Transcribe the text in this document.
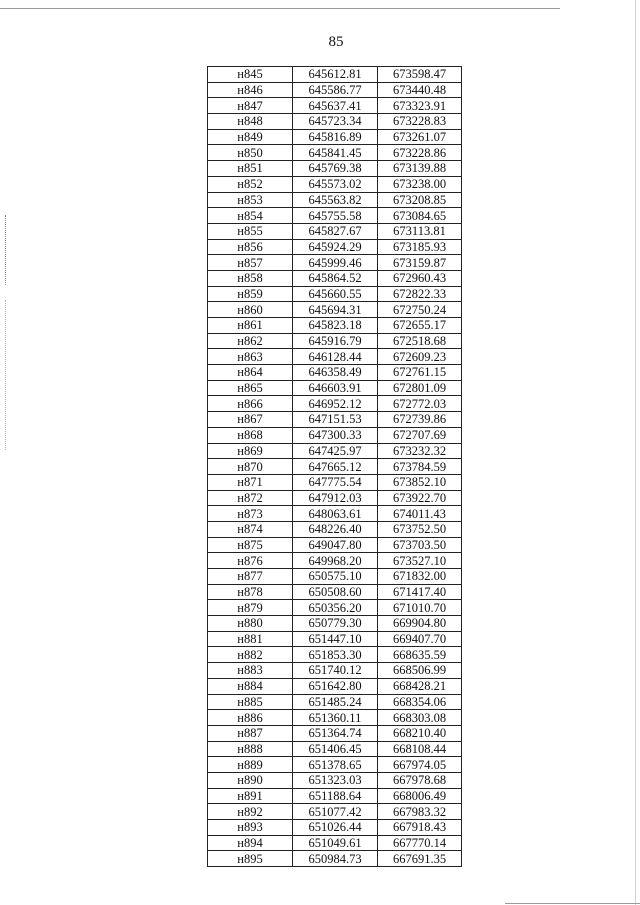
85
н845	645612.81	673598.47
н846	645586.77	673440.48
н847	645637.41	673323.91
н848	645723.34	673228.83
н849	645816.89	673261.07
н850	645841.45	673228.86
н851	645769.38	673139.88
н852	645573.02	673238.00
н853	645563.82	673208.85
н854	645755.58	673084.65
н855	645827.67	673113.81
н856	645924.29	673185.93
н857	645999.46	673159.87
н858	645864.52	672960.43
н859	645660.55	672822.33
н860	645694.31	672750.24
н861	645823.18	672655.17
н862	645916.79	672518.68
н863	646128.44	672609.23
н864	646358.49	672761.15
н865	646603.91	672801.09
н866	646952.12	672772.03
н867	647151.53	672739.86
н868	647300.33	672707.69
н869	647425.97	673232.32
н870	647665.12	673784.59
н871	647775.54	673852.10
н872	647912.03	673922.70
н873	648063.61	674011.43
н874	648226.40	673752.50
н875	649047.80	673703.50
н876	649968.20	673527.10
н877	650575.10	671832.00
н878	650508.60	671417.40
н879	650356.20	671010.70
н880	650779.30	669904.80
н881	651447.10	669407.70
н882	651853.30	668635.59
н883	651740.12	668506.99
н884	651642.80	668428.21
н885	651485.24	668354.06
н886	651360.11	668303.08
н887	651364.74	668210.40
н888	651406.45	668108.44
н889	651378.65	667974.05
н890	651323.03	667978.68
н891	651188.64	668006.49
н892	651077.42	667983.32
н893	651026.44	667918.43
н894	651049.61	667770.14
н895	650984.73	667691.35
